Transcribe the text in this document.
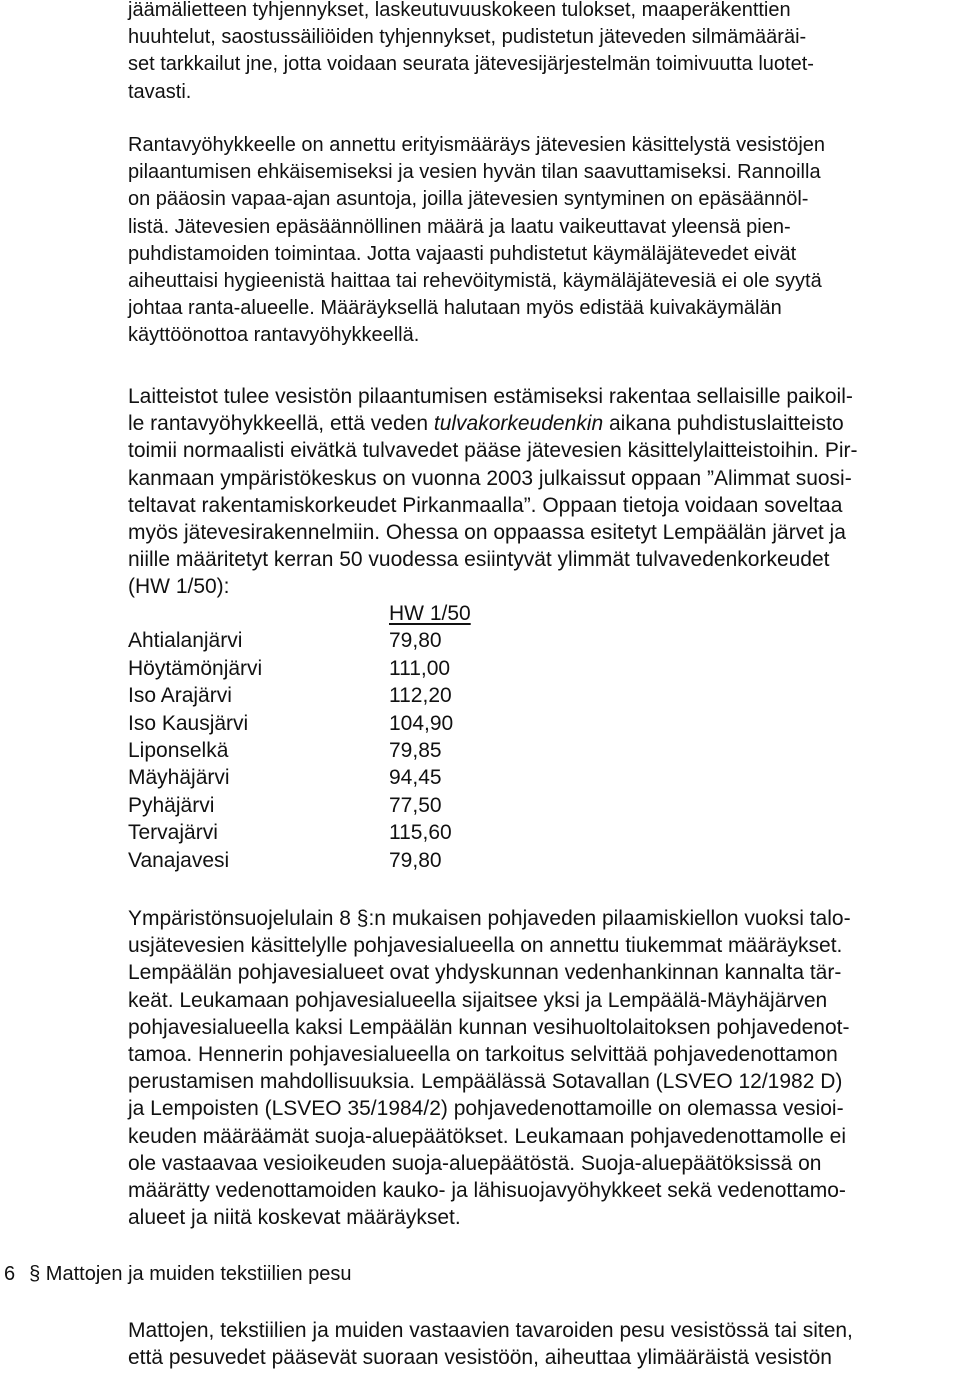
jäämälietteen tyhjennykset, laskeutuvuuskokeen tulokset, maaperäkenttien
huuhtelut, saostussäiliöiden tyhjennykset, pudistetun jäteveden silmämääräi-
set tarkkailut jne, jotta voidaan seurata jätevesijärjestelmän toimivuutta luotet-
tavasti.
Rantavyöhykkeelle on annettu erityismääräys jätevesien käsittelystä vesistöjen
pilaantumisen ehkäisemiseksi ja vesien hyvän tilan saavuttamiseksi. Rannoilla
on pääosin vapaa-ajan asuntoja, joilla jätevesien syntyminen on epäsäännöl-
listä. Jätevesien epäsäännöllinen määrä ja laatu vaikeuttavat yleensä pien-
puhdistamoiden toimintaa. Jotta vajaasti puhdistetut käymäläjätevedet eivät
aiheuttaisi hygieenistä haittaa tai rehevöitymistä, käymäläjätevesiä ei ole syytä
johtaa ranta-alueelle. Määräyksellä halutaan myös edistää kuivakäymälän
käyttöönottoa rantavyöhykkeellä.
Laitteistot tulee vesistön pilaantumisen estämiseksi rakentaa sellaisille paikoil-
le rantavyöhykkeellä, että veden tulvakorkeudenkin aikana puhdistuslaitteisto
toimii normaalisti eivätkä tulvavedet pääse jätevesien käsittelylaitteistoihin. Pir-
kanmaan ympäristökeskus on vuonna 2003 julkaissut oppaan ”Alimmat suosi-
teltavat rakentamiskorkeudet Pirkanmaalla”. Oppaan tietoja voidaan soveltaa
myös jätevesirakennelmiin. Ohessa on oppaassa esitetyt Lempäälän järvet ja
niille määritetyt kerran 50 vuodessa esiintyvät ylimmät tulvavedenkorkeudet
(HW 1/50):
HW 1/50
Ahtialanjärvi	79,80
Höytämönjärvi	111,00
Iso Arajärvi	112,20
Iso Kausjärvi	104,90
Liponselkä	79,85
Mäyhäjärvi	94,45
Pyhäjärvi	77,50
Tervajärvi	115,60
Vanajavesi	79,80
Ympäristönsuojelulain 8 §:n mukaisen pohjaveden pilaamiskiellon vuoksi talo-
usjätevesien käsittelylle pohjavesialueella on annettu tiukemmat määräykset.
Lempäälän pohjavesialueet ovat yhdyskunnan vedenhankinnan kannalta tär-
keät. Leukamaan pohjavesialueella sijaitsee yksi ja Lempäälä-Mäyhäjärven
pohjavesialueella kaksi Lempäälän kunnan vesihuoltolaitoksen pohjavedenot-
tamoa. Hennerin pohjavesialueella on tarkoitus selvittää pohjavedenottamon
perustamisen mahdollisuuksia. Lempäälässä Sotavallan (LSVEO 12/1982 D)
ja Lempoisten (LSVEO 35/1984/2) pohjavedenottamoille on olemassa vesioi-
keuden määräämät suoja-aluepäätökset. Leukamaan pohjavedenottamolle ei
ole vastaavaa vesioikeuden suoja-aluepäätöstä. Suoja-aluepäätöksissä on
määrätty vedenottamoiden kauko- ja lähisuojavyöhykkeet sekä vedenottamo-
alueet ja niitä koskevat määräykset.
6 § Mattojen ja muiden tekstiilien pesu
Mattojen, tekstiilien ja muiden vastaavien tavaroiden pesu vesistössä tai siten,
että pesuvedet pääsevät suoraan vesistöön, aiheuttaa ylimääräistä vesistön
